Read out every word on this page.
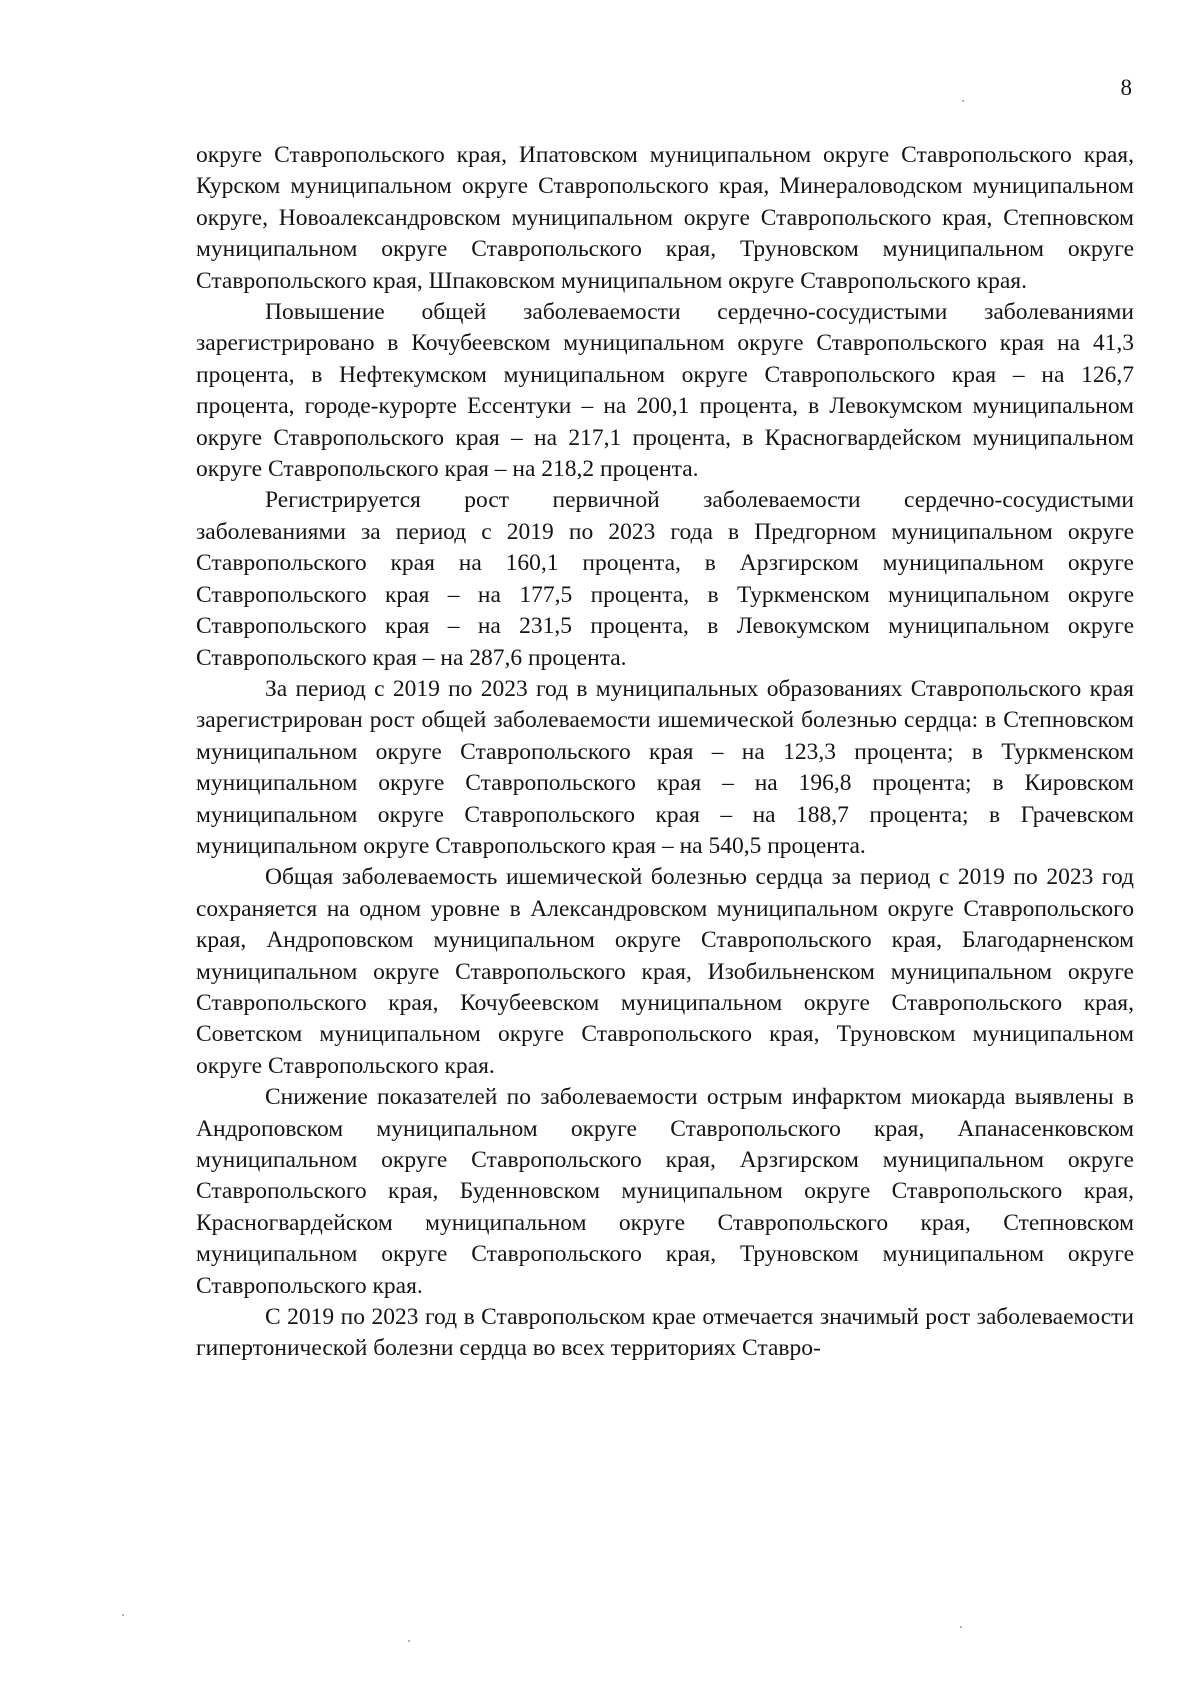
8

округе Ставропольского края, Ипатовском муниципальном округе Ставропольского края, Курском муниципальном округе Ставропольского края, Минераловодском муниципальном округе, Новоалександровском муниципальном округе Ставропольского края, Степновском муниципальном округе Ставропольского края, Труновском муниципальном округе Ставропольского края, Шпаковском муниципальном округе Ставропольского края.

Повышение общей заболеваемости сердечно-сосудистыми заболеваниями зарегистрировано в Кочубеевском муниципальном округе Ставропольского края на 41,3 процента, в Нефтекумском муниципальном округе Ставропольского края – на 126,7 процента, городе-курорте Ессентуки – на 200,1 процента, в Левокумском муниципальном округе Ставропольского края – на 217,1 процента, в Красногвардейском муниципальном округе Ставропольского края – на 218,2 процента.

Регистрируется рост первичной заболеваемости сердечно-сосудистыми заболеваниями за период с 2019 по 2023 года в Предгорном муниципальном округе Ставропольского края на 160,1 процента, в Арзгирском муниципальном округе Ставропольского края – на 177,5 процента, в Туркменском муниципальном округе Ставропольского края – на 231,5 процента, в Левокумском муниципальном округе Ставропольского края – на 287,6 процента.

За период с 2019 по 2023 год в муниципальных образованиях Ставропольского края зарегистрирован рост общей заболеваемости ишемической болезнью сердца: в Степновском муниципальном округе Ставропольского края – на 123,3 процента; в Туркменском муниципальном округе Ставропольского края – на 196,8 процента; в Кировском муниципальном округе Ставропольского края – на 188,7 процента; в Грачевском муниципальном округе Ставропольского края – на 540,5 процента.

Общая заболеваемость ишемической болезнью сердца за период с 2019 по 2023 год сохраняется на одном уровне в Александровском муниципальном округе Ставропольского края, Андроповском муниципальном округе Ставропольского края, Благодарненском муниципальном округе Ставропольского края, Изобильненском муниципальном округе Ставропольского края, Кочубеевском муниципальном округе Ставропольского края, Советском муниципальном округе Ставропольского края, Труновском муниципальном округе Ставропольского края.

Снижение показателей по заболеваемости острым инфарктом миокарда выявлены в Андроповском муниципальном округе Ставропольского края, Апанасенковском муниципальном округе Ставропольского края, Арзгирском муниципальном округе Ставропольского края, Буденновском муниципальном округе Ставропольского края, Красногвардейском муниципальном округе Ставропольского края, Степновском муниципальном округе Ставропольского края, Труновском муниципальном округе Ставропольского края.

С 2019 по 2023 год в Ставропольском крае отмечается значимый рост заболеваемости гипертонической болезни сердца во всех территориях Ставро-
